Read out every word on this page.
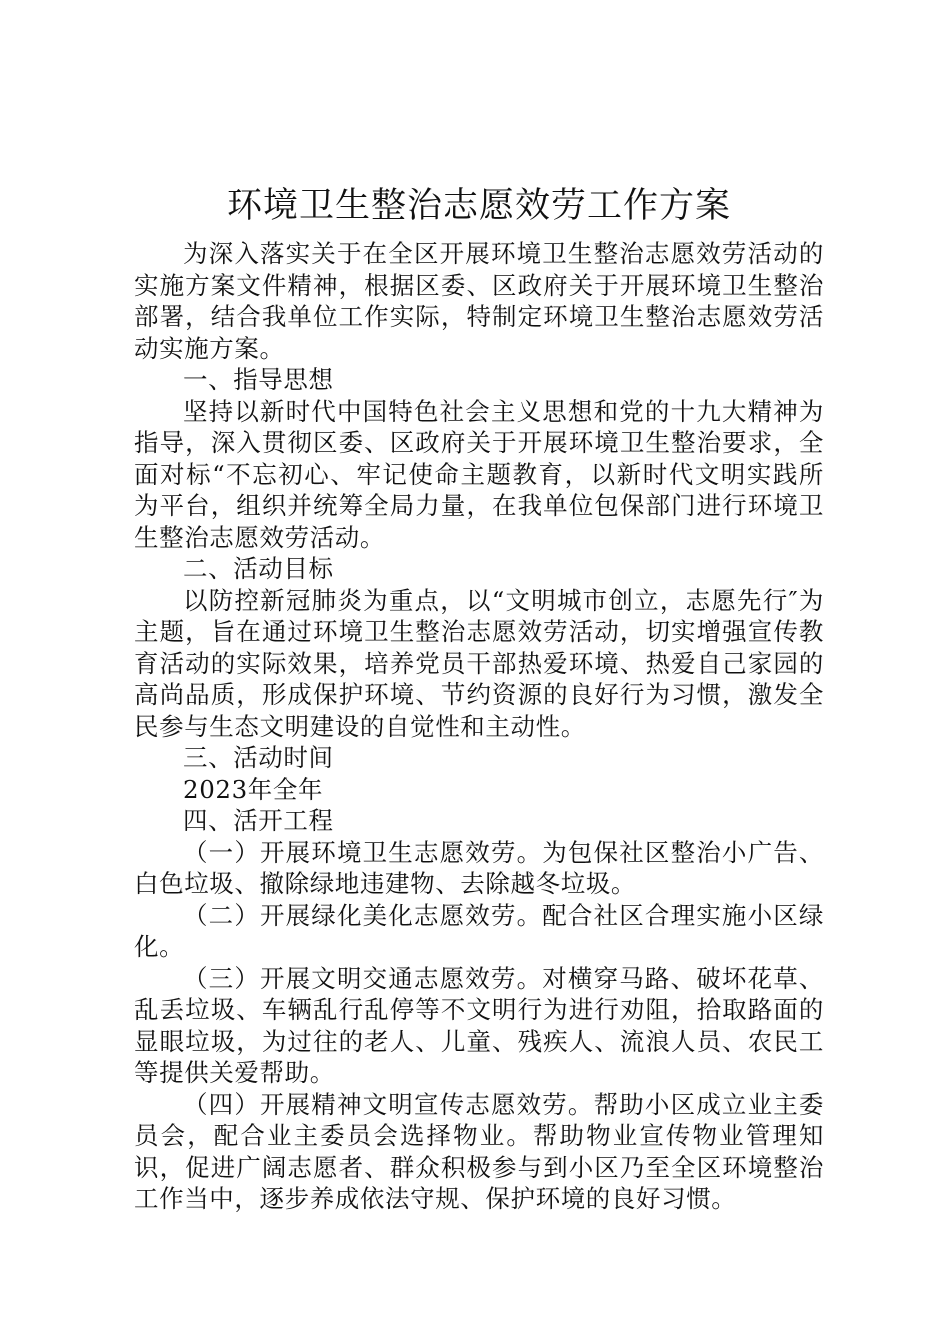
环境卫生整治志愿效劳工作方案

为深入落实关于在全区开展环境卫生整治志愿效劳活动的实施方案文件精神，根据区委、区政府关于开展环境卫生整治部署，结合我单位工作实际，特制定环境卫生整治志愿效劳活动实施方案。

一、指导思想

坚持以新时代中国特色社会主义思想和党的十九大精神为指导，深入贯彻区委、区政府关于开展环境卫生整治要求，全面对标“不忘初心、牢记使命主题教育，以新时代文明实践所为平台，组织并统筹全局力量，在我单位包保部门进行环境卫生整治志愿效劳活动。

二、活动目标

以防控新冠肺炎为重点，以“文明城市创立，志愿先行″为主题，旨在通过环境卫生整治志愿效劳活动，切实增强宣传教育活动的实际效果，培养党员干部热爱环境、热爱自己家园的高尚品质，形成保护环境、节约资源的良好行为习惯，激发全民参与生态文明建设的自觉性和主动性。

三、活动时间

2023年全年

四、活开工程

（一）开展环境卫生志愿效劳。为包保社区整治小广告、白色垃圾、撤除绿地违建物、去除越冬垃圾。

（二）开展绿化美化志愿效劳。配合社区合理实施小区绿化。

（三）开展文明交通志愿效劳。对横穿马路、破坏花草、乱丢垃圾、车辆乱行乱停等不文明行为进行劝阻，拾取路面的显眼垃圾，为过往的老人、儿童、残疾人、流浪人员、农民工等提供关爱帮助。

（四）开展精神文明宣传志愿效劳。帮助小区成立业主委员会，配合业主委员会选择物业。帮助物业宣传物业管理知识，促进广阔志愿者、群众积极参与到小区乃至全区环境整治工作当中，逐步养成依法守规、保护环境的良好习惯。
